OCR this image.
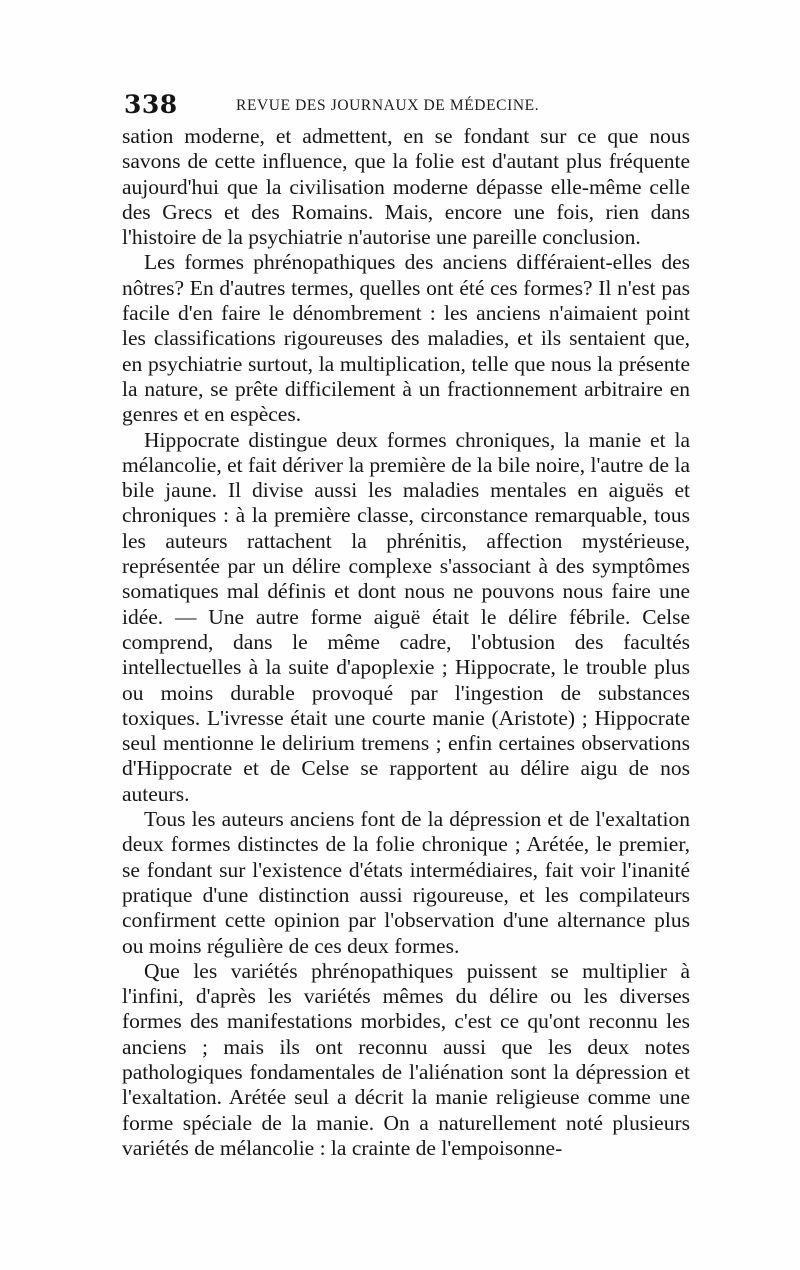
338	REVUE DES JOURNAUX DE MÉDECINE.

sation moderne, et admettent, en se fondant sur ce que nous savons de cette influence, que la folie est d'autant plus fréquente aujourd'hui que la civilisation moderne dépasse elle-même celle des Grecs et des Romains. Mais, encore une fois, rien dans l'histoire de la psychiatrie n'autorise une pareille conclusion.

Les formes phrénopathiques des anciens différaient-elles des nôtres? En d'autres termes, quelles ont été ces formes? Il n'est pas facile d'en faire le dénombrement : les anciens n'aimaient point les classifications rigoureuses des maladies, et ils sentaient que, en psychiatrie surtout, la multiplication, telle que nous la présente la nature, se prête difficilement à un fractionnement arbitraire en genres et en espèces.

Hippocrate distingue deux formes chroniques, la manie et la mélancolie, et fait dériver la première de la bile noire, l'autre de la bile jaune. Il divise aussi les maladies mentales en aiguës et chroniques : à la première classe, circonstance remarquable, tous les auteurs rattachent la phrénitis, affection mystérieuse, représentée par un délire complexe s'associant à des symptômes somatiques mal définis et dont nous ne pouvons nous faire une idée. — Une autre forme aiguë était le délire fébrile. Celse comprend, dans le même cadre, l'obtusion des facultés intellectuelles à la suite d'apoplexie ; Hippocrate, le trouble plus ou moins durable provoqué par l'ingestion de substances toxiques. L'ivresse était une courte manie (Aristote) ; Hippocrate seul mentionne le delirium tremens ; enfin certaines observations d'Hippocrate et de Celse se rapportent au délire aigu de nos auteurs.

Tous les auteurs anciens font de la dépression et de l'exaltation deux formes distinctes de la folie chronique ; Arétée, le premier, se fondant sur l'existence d'états intermédiaires, fait voir l'inanité pratique d'une distinction aussi rigoureuse, et les compilateurs confirment cette opinion par l'observation d'une alternance plus ou moins régulière de ces deux formes.

Que les variétés phrénopathiques puissent se multiplier à l'infini, d'après les variétés mêmes du délire ou les diverses formes des manifestations morbides, c'est ce qu'ont reconnu les anciens ; mais ils ont reconnu aussi que les deux notes pathologiques fondamentales de l'aliénation sont la dépression et l'exaltation. Arétée seul a décrit la manie religieuse comme une forme spéciale de la manie. On a naturellement noté plusieurs variétés de mélancolie : la crainte de l'empoisonne-
